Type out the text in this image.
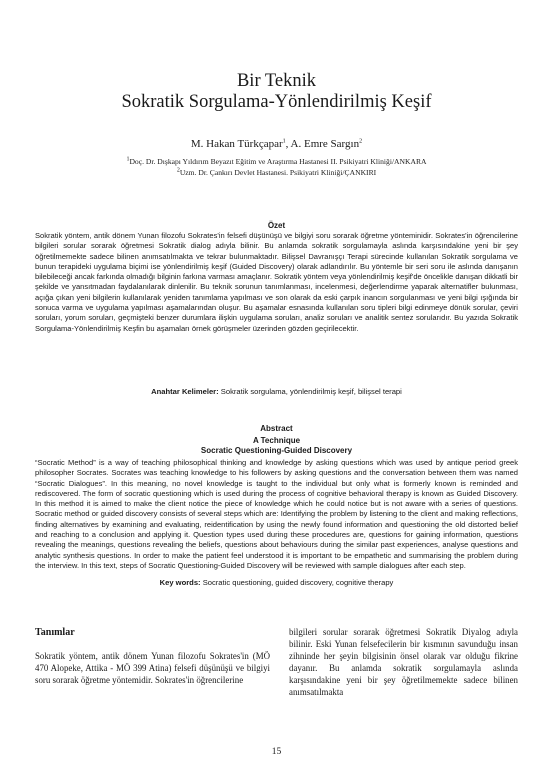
Bir Teknik
Sokratik Sorgulama-Yönlendirilmiş Keşif
M. Hakan Türkçapar$^1$, A. Emre Sargın$^2$
$^1$Doç. Dr. Dışkapı Yıldırım Beyazıt Eğitim ve Araştırma Hastanesi II. Psikiyatri Kliniği/ANKARA
$^2$Uzm. Dr. Çankırı Devlet Hastanesi. Psikiyatri Kliniği/ÇANKIRI
Özet

Sokratik yöntem, antik dönem Yunan filozofu Sokrates'in felsefi düşünüşü ve bilgiyi soru sorarak öğretme yönteminidir. Sokrates'in öğrencilerine bilgileri sorular sorarak öğretmesi Sokratik dialog adıyla bilinir. Bu anlamda sokratik sorgulamayla aslında karşısındakine yeni bir şey öğretilmemekte sadece bilinen anımsatılmakta ve tekrar bulunmaktadır. Bilişsel Davranışçı Terapi sürecinde kullanılan Sokratik sorgulama ve bunun terapideki uygulama biçimi ise yönlendirilmiş keşif (Guided Discovery) olarak adlandırılır. Bu yöntemle bir seri soru ile aslında danışanın bilebileceği ancak farkında olmadığı bilginin farkına varması amaçlanır. Sokratik yöntem veya yönlendirilmiş keşif'de öncelikle danışan dikkatli bir şekilde ve yansıtmadan faydalanılarak dinlenilir. Bu teknik sorunun tanımlanması, incelenmesi, değerlendirme yaparak alternatifler bulunması, açığa çıkan yeni bilgilerin kullanılarak yeniden tanımlama yapılması ve son olarak da eski çarpık inancın sorgulanması ve yeni bilgi ışığında bir sonuca varma ve uygulama yapılması aşamalarından oluşur. Bu aşamalar esnasında kullanılan soru tipleri bilgi edinmeye dönük sorular, çeviri soruları, yorum soruları, geçmişteki benzer durumlara ilişkin uygulama soruları, analiz soruları ve analitik sentez sorularıdır. Bu yazıda Sokratik Sorgulama-Yönlendirilmiş Keşfin bu aşamaları örnek görüşmeler üzerinden gözden geçirilecektir.

Anahtar Kelimeler: Sokratik sorgulama, yönlendirilmiş keşif, bilişsel terapi
Abstract
A Technique
Socratic Questioning-Guided Discovery

“Socratic Method” is a way of teaching philosophical thinking and knowledge by asking questions which was used by antique period greek philosopher Socrates. Socrates was teaching knowledge to his followers by asking questions and the conversation between them was named “Socratic Dialogues”. In this meaning, no novel knowledge is taught to the individual but only what is formerly known is reminded and rediscovered. The form of socratic questioning which is used during the process of cognitive behavioral therapy is known as Guided Discovery. In this method it is aimed to make the client notice the piece of knowledge which he could notice but is not aware with a series of questions. Socratic method or guided discovery consists of several steps which are: Identifying the problem by listening to the client and making reflections, finding alternatives by examining and evaluating, reidentification by using the newly found information and questioning the old distorted belief and reaching to a conclusion and applying it. Question types used during these procedures are, questions for gaining information, questions revealing the meanings, questions revealing the beliefs, questions about behaviours during the similar past experiences, analyse questions and analytic synthesis questions. In order to make the patient feel understood it is important to be empathetic and summarising the problem during the interview. In this text, steps of Socratic Questioning-Guided Discovery will be reviewed with sample dialogues after each step.

Key words: Socratic questioning, guided discovery, cognitive therapy
Tanımlar

Sokratik yöntem, antik dönem Yunan filozofu Sokrates'in (MÖ 470 Alopeke, Attika - MÖ 399 Atina) felsefi düşünüşü ve bilgiyi soru sorarak öğretme yöntemidir. Sokrates'in öğrencilerine

bilgileri sorular sorarak öğretmesi Sokratik Diyalog adıyla bilinir. Eski Yunan felsefecilerin bir kısmının savunduğu insan zihninde her şeyin bilgisinin önsel olarak var olduğu fikrine dayanır. Bu anlamda sokratik sorgulamayla aslında karşısındakine yeni bir şey öğretilmemekte sadece bilinen anımsatılmakta

15
